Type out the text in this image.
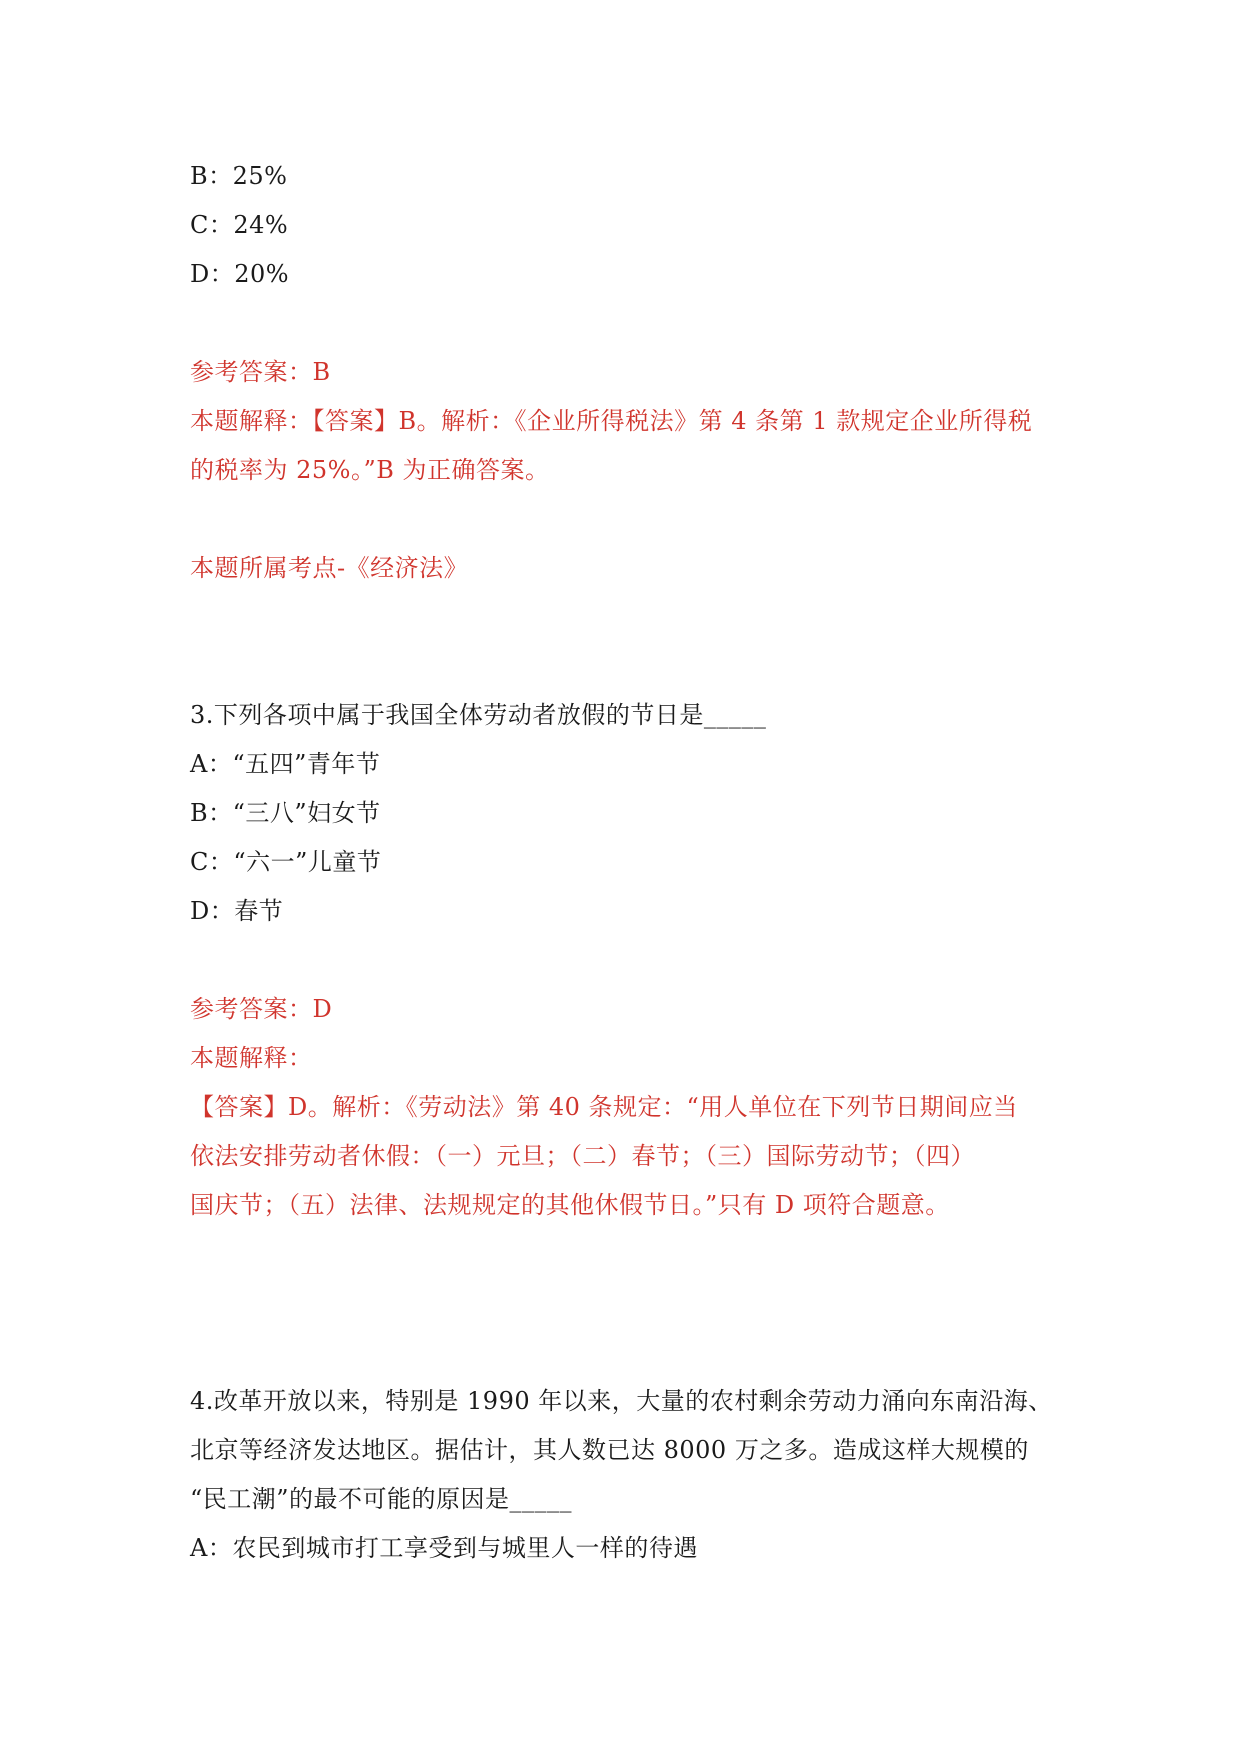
B：25%
C：24%
D：20%
参考答案：B
本题解释：【答案】B。解析：《企业所得税法》第 4 条第 1 款规定企业所得税
的税率为 25%。”B 为正确答案。
本题所属考点-《经济法》
3.下列各项中属于我国全体劳动者放假的节日是_____
A：“五四”青年节
B：“三八”妇女节
C：“六一”儿童节
D：春节
参考答案：D
本题解释：
【答案】D。解析：《劳动法》第 40 条规定：“用人单位在下列节日期间应当
依法安排劳动者休假：（一）元旦；（二）春节；（三）国际劳动节；（四）
国庆节；（五）法律、法规规定的其他休假节日。”只有 D 项符合题意。
4.改革开放以来，特别是 1990 年以来，大量的农村剩余劳动力涌向东南沿海、
北京等经济发达地区。据估计，其人数已达 8000 万之多。造成这样大规模的
“民工潮”的最不可能的原因是_____
A：农民到城市打工享受到与城里人一样的待遇
